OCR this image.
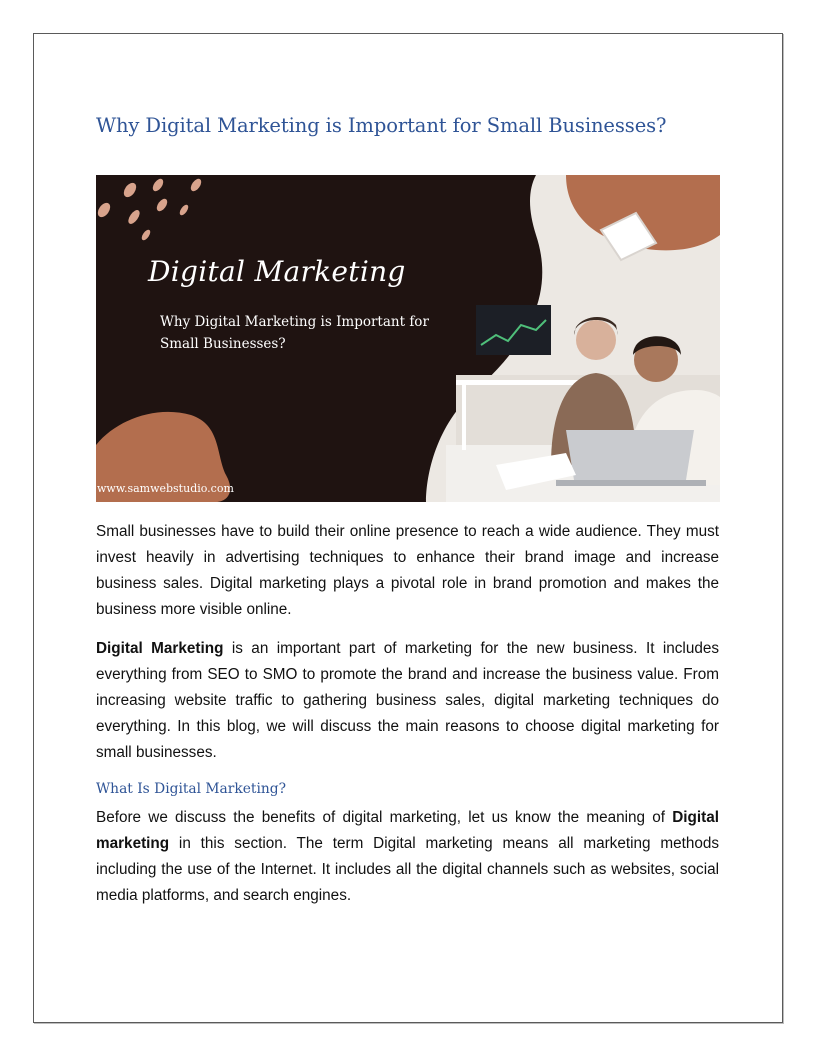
Why Digital Marketing is Important for Small Businesses?
Digital Marketing
Why Digital Marketing is Important for Small Businesses?
www.samwebstudio.com

Small businesses have to build their online presence to reach a wide audience. They must invest heavily in advertising techniques to enhance their brand image and increase business sales. Digital marketing plays a pivotal role in brand promotion and makes the business more visible online.

Digital Marketing is an important part of marketing for the new business. It includes everything from SEO to SMO to promote the brand and increase the business value. From increasing website traffic to gathering business sales, digital marketing techniques do everything. In this blog, we will discuss the main reasons to choose digital marketing for small businesses.

What Is Digital Marketing?

Before we discuss the benefits of digital marketing, let us know the meaning of Digital marketing in this section. The term Digital marketing means all marketing methods including the use of the Internet. It includes all the digital channels such as websites, social media platforms, and search engines.
